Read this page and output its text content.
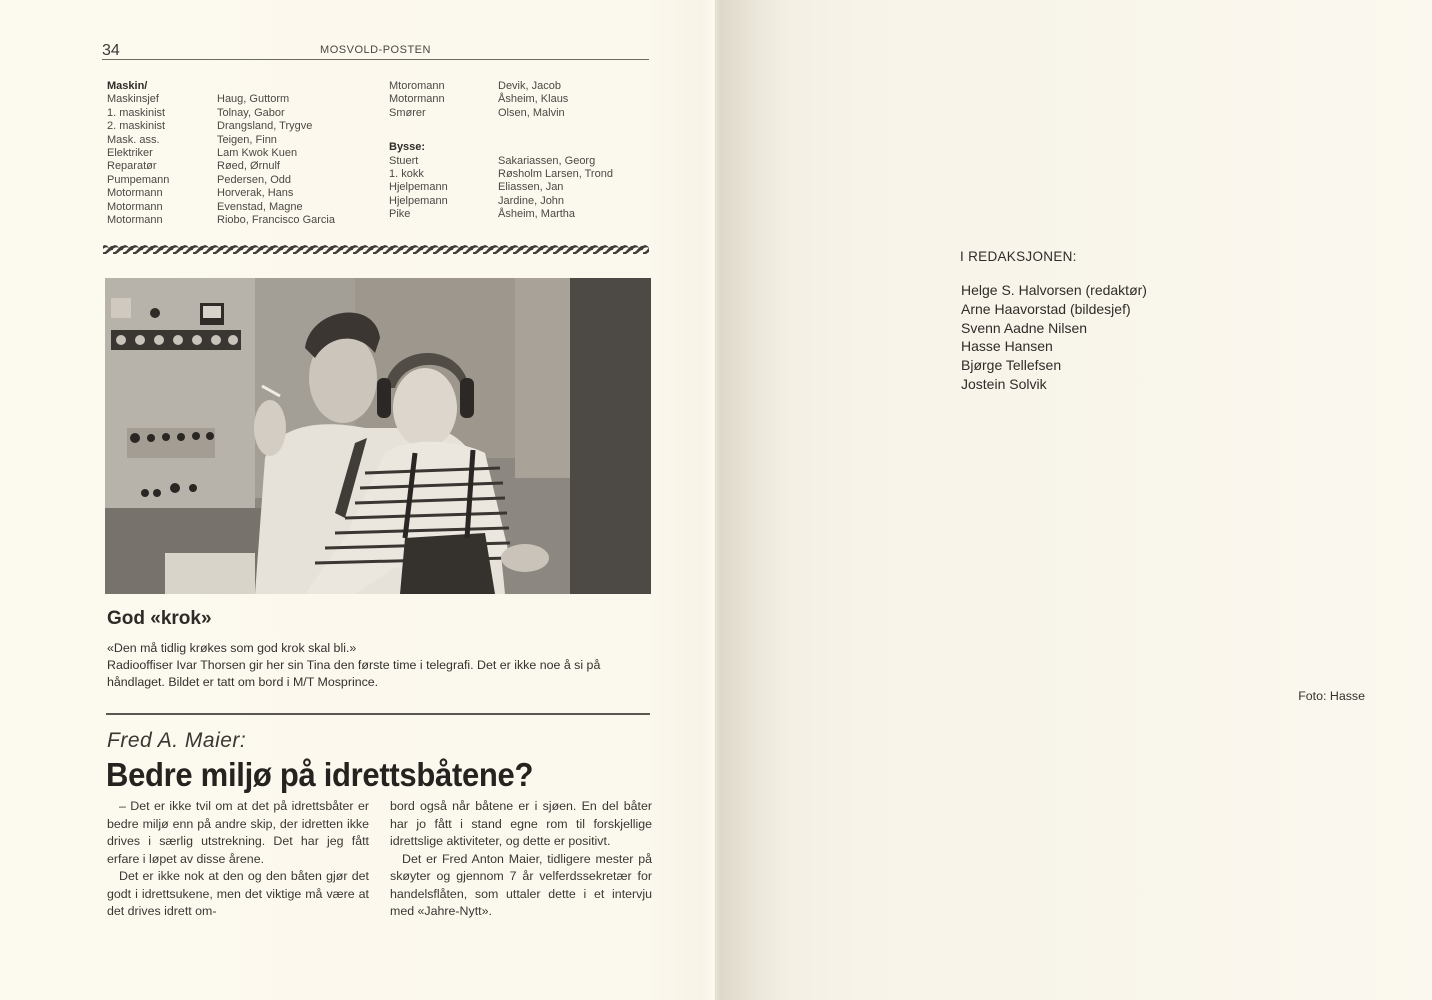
34	MOSVOLD-POSTEN
Maskin/
Maskinsjef	Haug, Guttorm
1. maskinist	Tolnay, Gabor
2. maskinist	Drangsland, Trygve
Mask. ass.	Teigen, Finn
Elektriker	Lam Kwok Kuen
Reparatør	Røed, Ørnulf
Pumpemann	Pedersen, Odd
Motormann	Horverak, Hans
Motormann	Evenstad, Magne
Motormann	Riobo, Francisco Garcia
Mtoromann	Devik, Jacob
Motormann	Åsheim, Klaus
Smører	Olsen, Malvin
Bysse:
Stuert	Sakariassen, Georg
1. kokk	Røsholm Larsen, Trond
Hjelpemann	Eliassen, Jan
Hjelpemann	Jardine, John
Pike	Åsheim, Martha
God «krok»
«Den må tidlig krøkes som god krok skal bli.»
Radiooffiser Ivar Thorsen gir her sin Tina den første time i telegrafi. Det er ikke noe å si på håndlaget. Bildet er tatt om bord i M/T Mosprince.
Foto: Hasse
Fred A. Maier:
Bedre miljø på idrettsbåtene?

– Det er ikke tvil om at det på idrettsbåter er bedre miljø enn på andre skip, der idretten ikke drives i særlig utstrekning. Det har jeg fått erfare i løpet av disse årene.

Det er ikke nok at den og den båten gjør det godt i idrettsukene, men det viktige må være at det drives idrett om-

bord også når båtene er i sjøen. En del båter har jo fått i stand egne rom til forskjellige idrettslige aktiviteter, og dette er positivt.

Det er Fred Anton Maier, tidligere mester på skøyter og gjennom 7 år velferdssekretær for handelsflåten, som uttaler dette i et intervju med «Jahre-Nytt».

I REDAKSJONEN:
Helge S. Halvorsen (redaktør)
Arne Haavorstad (bildesjef)
Svenn Aadne Nilsen
Hasse Hansen
Bjørge Tellefsen
Jostein Solvik
